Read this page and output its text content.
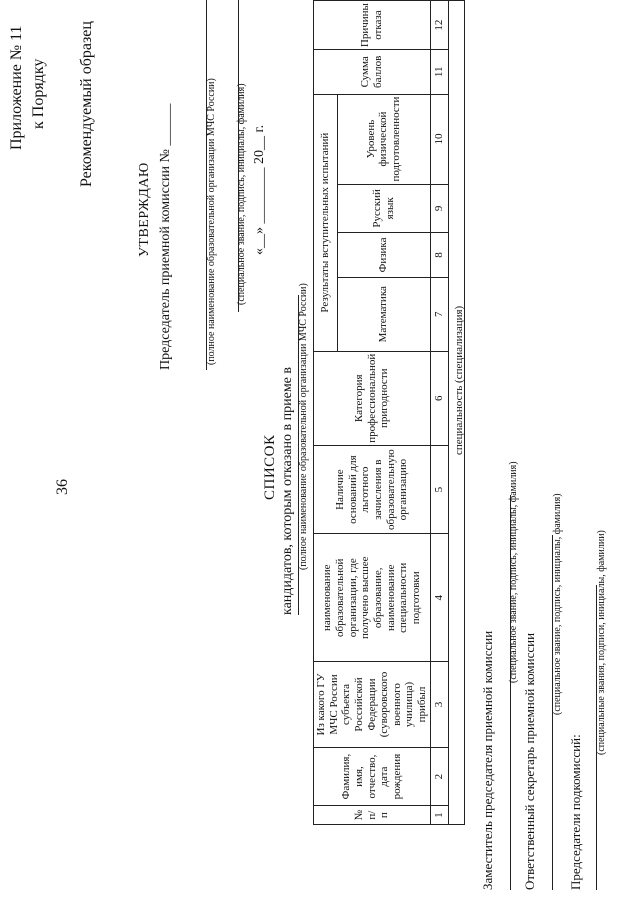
36
Приложение № 11 к Порядку Рекомендуемый образец
УТВЕРЖДАЮ Председатель приемной комиссии № ______	(полное наименование образовательной организации МЧС России) (специальное звание, подпись, инициалы, фамилия) «__» ________ 20__ г.
СПИСОК кандидатов, которым отказано в приеме в (полное наименование образовательной организации МЧС России)
№ п/п	Фамилия, имя, отчество, дата рождения	Из какого ГУ МЧС России субъекта Российской Федерации (суворовского военного училища) прибыл	наименование образовательной организации, где получено высшее образование, наименование специальности подготовки	Наличие оснований для льготного зачисления в образовательную организацию	Категория профессиональной пригодности	Результаты вступительных испытаний				Сумма баллов	Причины отказа
						Математика	Физика	Русский язык	Уровень физической подготовленности		
1	2	3	4	5	6	7	8	9	10	11	12

специальность (специализация)
Заместитель председателя приемной комиссии
(специальное звание, подпись, инициалы, фамилия)
Ответственный секретарь приемной комиссии
(специальное звание, подпись, инициалы, фамилия)
Председатели подкомиссий:
(специальные звания, подписи, инициалы, фамилии)
